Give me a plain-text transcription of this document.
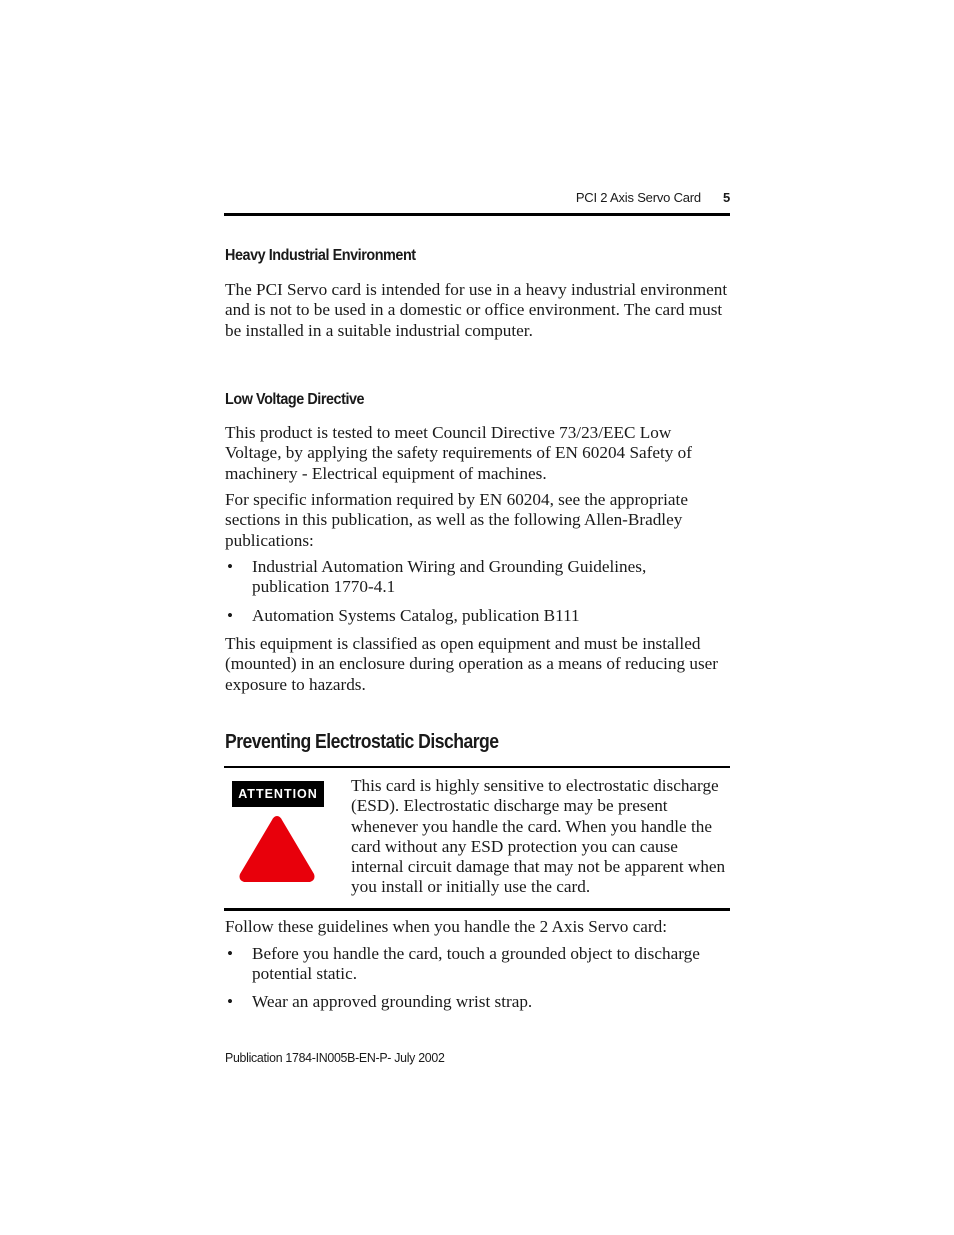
PCI 2 Axis Servo Card 5
Heavy Industrial Environment

The PCI Servo card is intended for use in a heavy industrial environment and is not to be used in a domestic or office environment. The card must be installed in a suitable industrial computer.

Low Voltage Directive

This product is tested to meet Council Directive 73/23/EEC Low Voltage, by applying the safety requirements of EN 60204 Safety of machinery - Electrical equipment of machines.

For specific information required by EN 60204, see the appropriate sections in this publication, as well as the following Allen-Bradley publications:

• Industrial Automation Wiring and Grounding Guidelines, publication 1770-4.1
• Automation Systems Catalog, publication B111

This equipment is classified as open equipment and must be installed (mounted) in an enclosure during operation as a means of reducing user exposure to hazards.

Preventing Electrostatic Discharge
ATTENTION	This card is highly sensitive to electrostatic discharge (ESD). Electrostatic discharge may be present whenever you handle the card. When you handle the card without any ESD protection you can cause internal circuit damage that may not be apparent when you install or initially use the card.

Follow these guidelines when you handle the 2 Axis Servo card:

• Before you handle the card, touch a grounded object to discharge potential static.
• Wear an approved grounding wrist strap.
Publication 1784-IN005B-EN-P- July 2002
